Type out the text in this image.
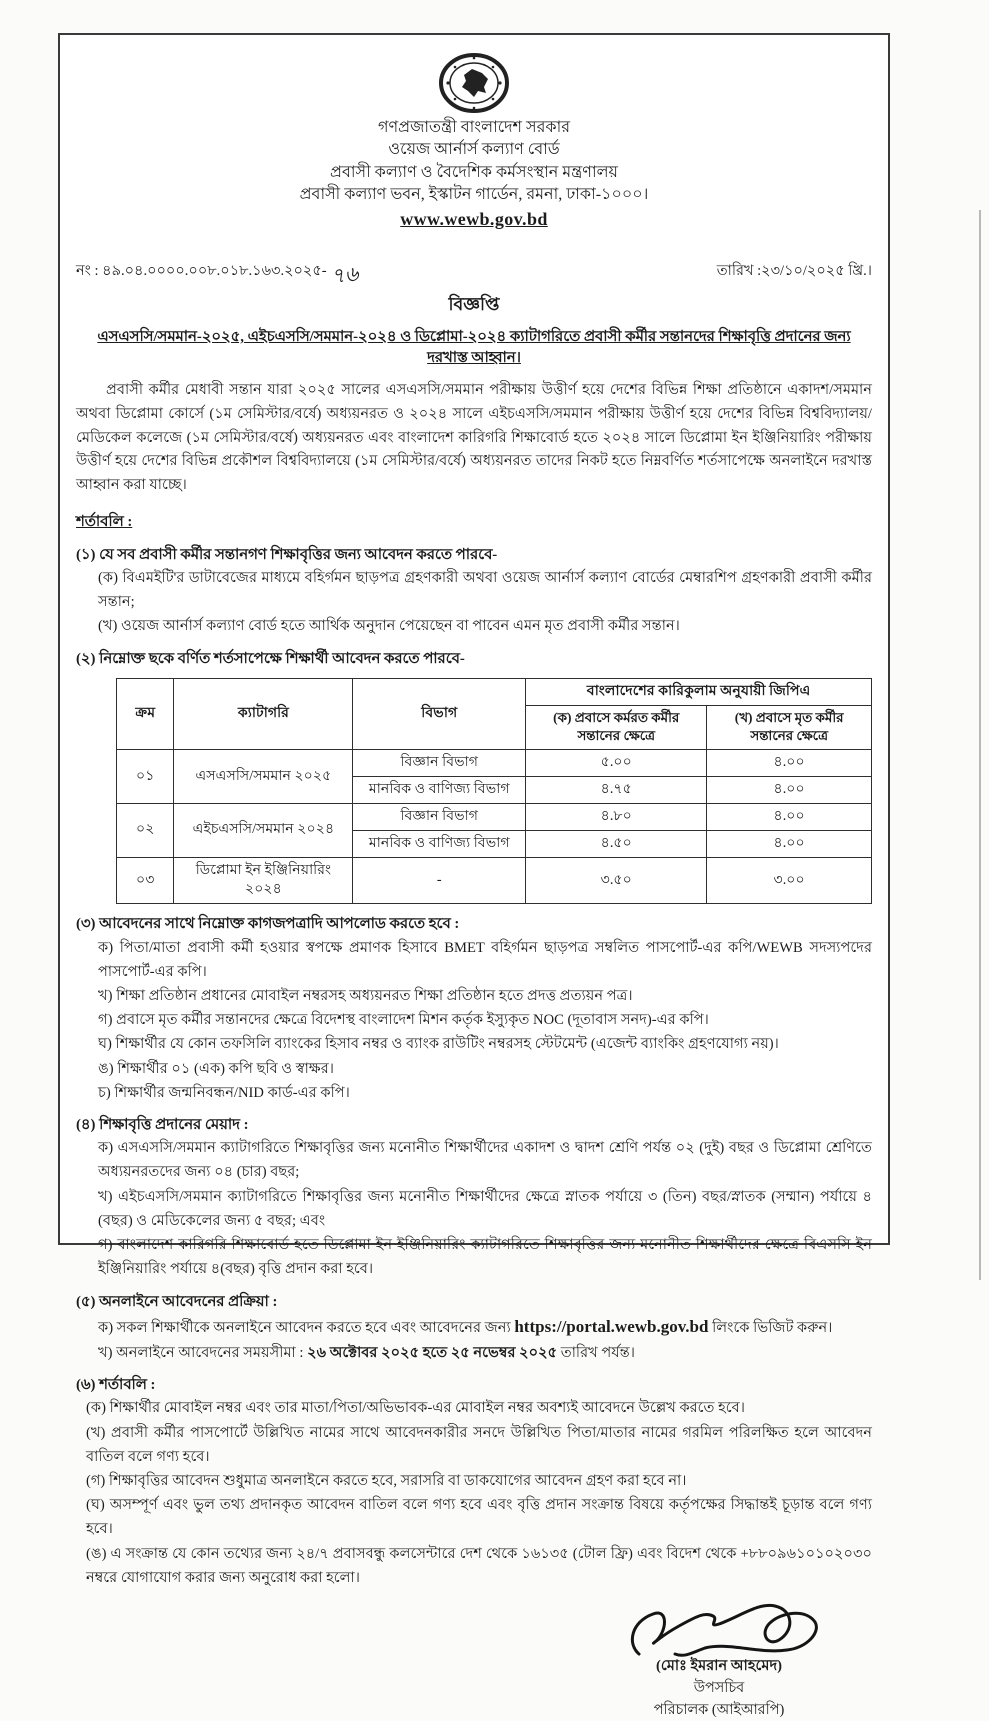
গণপ্রজাতন্ত্রী বাংলাদেশ সরকার
ওয়েজ আর্নার্স কল্যাণ বোর্ড
প্রবাসী কল্যাণ ও বৈদেশিক কর্মসংস্থান মন্ত্রণালয়
প্রবাসী কল্যাণ ভবন, ইস্কাটন গার্ডেন, রমনা, ঢাকা-১০০০।
www.wewb.gov.bd
নং : ৪৯.০৪.০০০০.০০৮.০১৮.১৬৩.২০২৫- ৭৬	তারিখ :২৩/১০/২০২৫ খ্রি.।
বিজ্ঞপ্তি
এসএসসি/সমমান-২০২৫, এইচএসসি/সমমান-২০২৪ ও ডিপ্লোমা-২০২৪ ক্যাটাগরিতে প্রবাসী কর্মীর সন্তানদের শিক্ষাবৃত্তি প্রদানের জন্য দরখাস্ত আহ্বান।
প্রবাসী কর্মীর মেধাবী সন্তান যারা ২০২৫ সালের এসএসসি/সমমান পরীক্ষায় উত্তীর্ণ হয়ে দেশের বিভিন্ন শিক্ষা প্রতিষ্ঠানে একাদশ/সমমান অথবা ডিপ্লোমা কোর্সে (১ম সেমিস্টার/বর্ষে) অধ্যয়নরত ও ২০২৪ সালে এইচএসসি/সমমান পরীক্ষায় উত্তীর্ণ হয়ে দেশের বিভিন্ন বিশ্ববিদ্যালয়/ মেডিকেল কলেজে (১ম সেমিস্টার/বর্ষে) অধ্যয়নরত এবং বাংলাদেশ কারিগরি শিক্ষাবোর্ড হতে ২০২৪ সালে ডিপ্লোমা ইন ইঞ্জিনিয়ারিং পরীক্ষায় উত্তীর্ণ হয়ে দেশের বিভিন্ন প্রকৌশল বিশ্ববিদ্যালয়ে (১ম সেমিস্টার/বর্ষে) অধ্যয়নরত তাদের নিকট হতে নিম্নবর্ণিত শর্তসাপেক্ষে অনলাইনে দরখাস্ত আহ্বান করা যাচ্ছে।
শর্তাবলি :
(১) যে সব প্রবাসী কর্মীর সন্তানগণ শিক্ষাবৃত্তির জন্য আবেদন করতে পারবে-
(ক) বিএমইটি'র ডাটাবেজের মাধ্যমে বহির্গমন ছাড়পত্র গ্রহণকারী অথবা ওয়েজ আর্নার্স কল্যাণ বোর্ডের মেম্বারশিপ গ্রহণকারী প্রবাসী কর্মীর সন্তান;
(খ) ওয়েজ আর্নার্স কল্যাণ বোর্ড হতে আর্থিক অনুদান পেয়েছেন বা পাবেন এমন মৃত প্রবাসী কর্মীর সন্তান।
(২) নিম্নোক্ত ছকে বর্ণিত শর্তসাপেক্ষে শিক্ষার্থী আবেদন করতে পারবে-
ক্রম	ক্যাটাগরি	বিভাগ	বাংলাদেশের কারিকুলাম অনুযায়ী জিপিএ	
			(ক) প্রবাসে কর্মরত কর্মীর সন্তানের ক্ষেত্রে	(খ) প্রবাসে মৃত কর্মীর সন্তানের ক্ষেত্রে
০১	এসএসসি/সমমান ২০২৫	বিজ্ঞান বিভাগ	৫.০০	৪.০০
		মানবিক ও বাণিজ্য বিভাগ	৪.৭৫	৪.০০
০২	এইচএসসি/সমমান ২০২৪	বিজ্ঞান বিভাগ	৪.৮০	৪.০০
		মানবিক ও বাণিজ্য বিভাগ	৪.৫০	৪.০০
০৩	ডিপ্লোমা ইন ইঞ্জিনিয়ারিং ২০২৪	-	৩.৫০	৩.০০
(৩) আবেদনের সাথে নিম্নোক্ত কাগজপত্রাদি আপলোড করতে হবে :
ক) পিতা/মাতা প্রবাসী কর্মী হওয়ার স্বপক্ষে প্রমাণক হিসাবে BMET বহির্গমন ছাড়পত্র সম্বলিত পাসপোর্ট-এর কপি/WEWB সদস্যপদের পাসপোর্ট-এর কপি।
খ) শিক্ষা প্রতিষ্ঠান প্রধানের মোবাইল নম্বরসহ অধ্যয়নরত শিক্ষা প্রতিষ্ঠান হতে প্রদত্ত প্রত্যয়ন পত্র।
গ) প্রবাসে মৃত কর্মীর সন্তানদের ক্ষেত্রে বিদেশস্থ বাংলাদেশ মিশন কর্তৃক ইস্যুকৃত NOC (দূতাবাস সনদ)-এর কপি।
ঘ) শিক্ষার্থীর যে কোন তফসিলি ব্যাংকের হিসাব নম্বর ও ব্যাংক রাউটিং নম্বরসহ স্টেটমেন্ট (এজেন্ট ব্যাংকিং গ্রহণযোগ্য নয়)।
ঙ) শিক্ষার্থীর ০১ (এক) কপি ছবি ও স্বাক্ষর।
চ) শিক্ষার্থীর জন্মনিবন্ধন/NID কার্ড-এর কপি।
(৪) শিক্ষাবৃত্তি প্রদানের মেয়াদ :
ক) এসএসসি/সমমান ক্যাটাগরিতে শিক্ষাবৃত্তির জন্য মনোনীত শিক্ষার্থীদের একাদশ ও দ্বাদশ শ্রেণি পর্যন্ত ০২ (দুই) বছর ও ডিপ্লোমা শ্রেণিতে অধ্যয়নরতদের জন্য ০৪ (চার) বছর;
খ) এইচএসসি/সমমান ক্যাটাগরিতে শিক্ষাবৃত্তির জন্য মনোনীত শিক্ষার্থীদের ক্ষেত্রে স্নাতক পর্যায়ে ৩ (তিন) বছর/স্নাতক (সম্মান) পর্যায়ে ৪ (বছর) ও মেডিকেলের জন্য ৫ বছর; এবং
গ) বাংলাদেশ কারিগরি শিক্ষাবোর্ড হতে ডিপ্লোমা ইন ইঞ্জিনিয়ারিং ক্যাটাগরিতে শিক্ষাবৃত্তির জন্য মনোনীত শিক্ষার্থীদের ক্ষেত্রে বিএসসি ইন ইঞ্জিনিয়ারিং পর্যায়ে ৪(বছর) বৃত্তি প্রদান করা হবে।
(৫) অনলাইনে আবেদনের প্রক্রিয়া :
ক) সকল শিক্ষার্থীকে অনলাইনে আবেদন করতে হবে এবং আবেদনের জন্য https://portal.wewb.gov.bd লিংকে ভিজিট করুন।
খ) অনলাইনে আবেদনের সময়সীমা : ২৬ অক্টোবর ২০২৫ হতে ২৫ নভেম্বর ২০২৫ তারিখ পর্যন্ত।
(৬) শর্তাবলি :
(ক) শিক্ষার্থীর মোবাইল নম্বর এবং তার মাতা/পিতা/অভিভাবক-এর মোবাইল নম্বর অবশ্যই আবেদনে উল্লেখ করতে হবে।
(খ) প্রবাসী কর্মীর পাসপোর্টে উল্লিখিত নামের সাথে আবেদনকারীর সনদে উল্লিখিত পিতা/মাতার নামের গরমিল পরিলক্ষিত হলে আবেদন বাতিল বলে গণ্য হবে।
(গ) শিক্ষাবৃত্তির আবেদন শুধুমাত্র অনলাইনে করতে হবে, সরাসরি বা ডাকযোগের আবেদন গ্রহণ করা হবে না।
(ঘ) অসম্পূর্ণ এবং ভুল তথ্য প্রদানকৃত আবেদন বাতিল বলে গণ্য হবে এবং বৃত্তি প্রদান সংক্রান্ত বিষয়ে কর্তৃপক্ষের সিদ্ধান্তই চূড়ান্ত বলে গণ্য হবে।
(ঙ) এ সংক্রান্ত যে কোন তথ্যের জন্য ২৪/৭ প্রবাসবন্ধু কলসেন্টারে দেশ থেকে ১৬১৩৫ (টোল ফ্রি) এবং বিদেশ থেকে +৮৮০৯৬১০১০২০৩০ নম্বরে যোগাযোগ করার জন্য অনুরোধ করা হলো।
(মোঃ ইমরান আহমেদ)
উপসচিব
পরিচালক (আইআরপি)
